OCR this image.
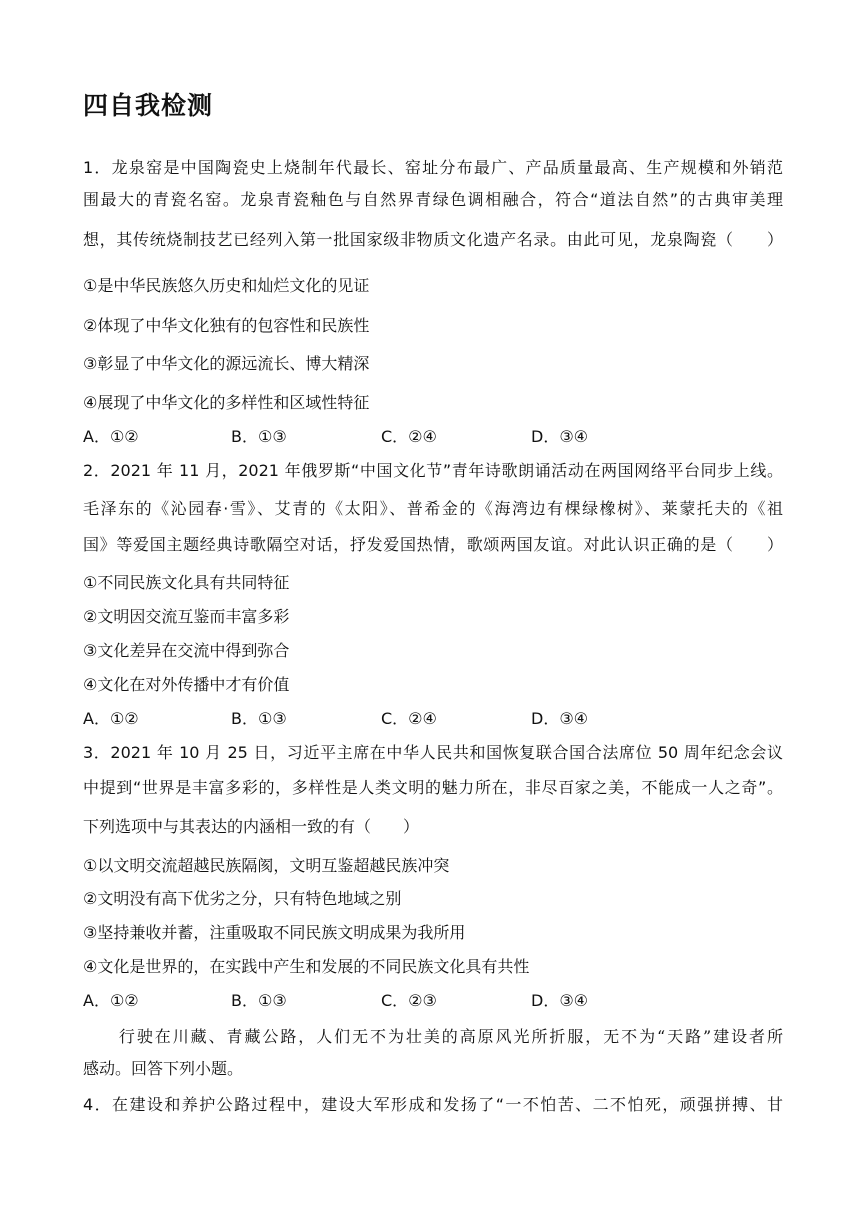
四自我检测
1．龙泉窑是中国陶瓷史上烧制年代最长、窑址分布最广、产品质量最高、生产规模和外销范
围最大的青瓷名窑。龙泉青瓷釉色与自然界青绿色调相融合，符合“道法自然”的古典审美理
想，其传统烧制技艺已经列入第一批国家级非物质文化遗产名录。由此可见，龙泉陶瓷（　　）
①是中华民族悠久历史和灿烂文化的见证
②体现了中华文化独有的包容性和民族性
③彰显了中华文化的源远流长、博大精深
④展现了中华文化的多样性和区域性特征
A．①②	B．①③	C．②④	D．③④
2．2021 年 11 月，2021 年俄罗斯“中国文化节”青年诗歌朗诵活动在两国网络平台同步上线。
毛泽东的《沁园春·雪》、艾青的《太阳》、普希金的《海湾边有棵绿橡树》、莱蒙托夫的《祖
国》等爱国主题经典诗歌隔空对话，抒发爱国热情，歌颂两国友谊。对此认识正确的是（　　）
①不同民族文化具有共同特征
②文明因交流互鉴而丰富多彩
③文化差异在交流中得到弥合
④文化在对外传播中才有价值
A．①②	B．①③	C．②④	D．③④
3．2021 年 10 月 25 日，习近平主席在中华人民共和国恢复联合国合法席位 50 周年纪念会议
中提到“世界是丰富多彩的，多样性是人类文明的魅力所在，非尽百家之美，不能成一人之奇”。
下列选项中与其表达的内涵相一致的有（　　）
①以文明交流超越民族隔阂，文明互鉴超越民族冲突
②文明没有高下优劣之分，只有特色地域之别
③坚持兼收并蓄，注重吸取不同民族文明成果为我所用
④文化是世界的，在实践中产生和发展的不同民族文化具有共性
A．①②	B．①③	C．②③	D．③④
　　行驶在川藏、青藏公路，人们无不为壮美的高原风光所折服，无不为“天路”建设者所
感动。回答下列小题。
4．在建设和养护公路过程中，建设大军形成和发扬了“一不怕苦、二不怕死，顽强拼搏、甘
